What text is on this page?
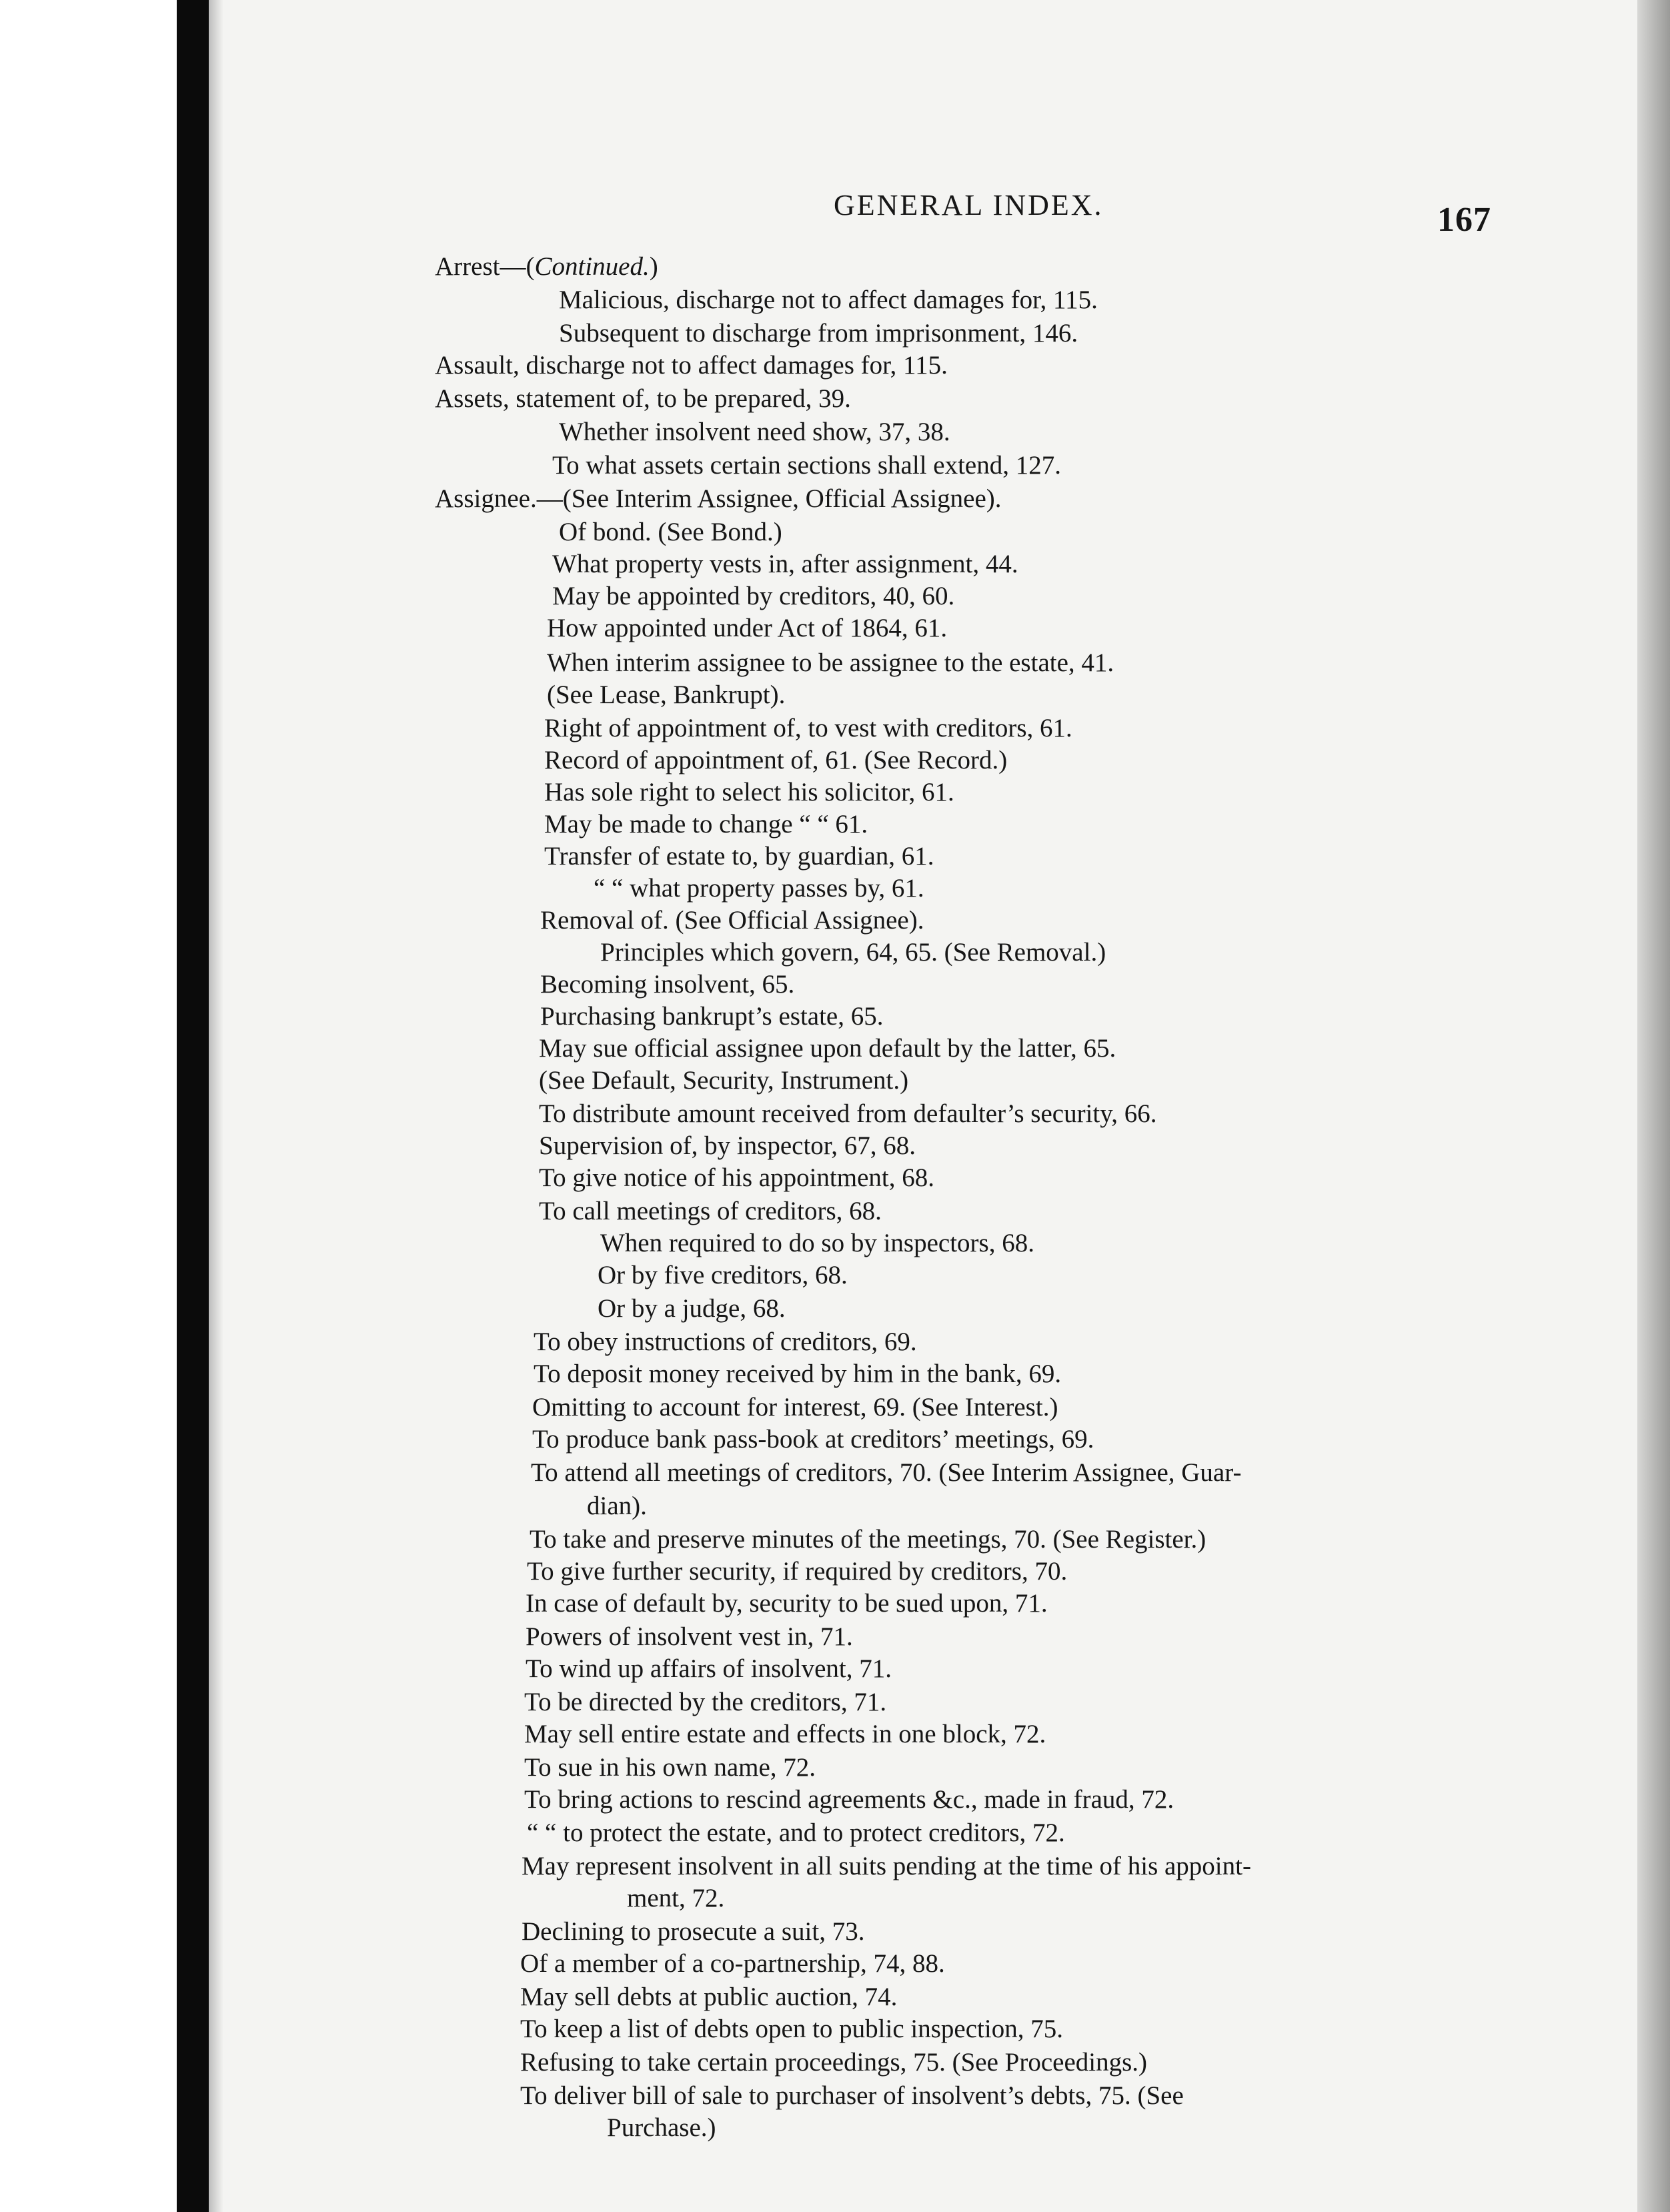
GENERAL INDEX.	167
Arrest—(Continued.)
Malicious, discharge not to affect damages for, 115.
Subsequent to discharge from imprisonment, 146.
Assault, discharge not to affect damages for, 115.
Assets, statement of, to be prepared, 39.
Whether insolvent need show, 37, 38.
To what assets certain sections shall extend, 127.
Assignee.—(See Interim Assignee, Official Assignee).
Of bond. (See Bond.)
What property vests in, after assignment, 44.
May be appointed by creditors, 40, 60.
How appointed under Act of 1864, 61.
When interim assignee to be assignee to the estate, 41.
(See Lease, Bankrupt).
Right of appointment of, to vest with creditors, 61.
Record of appointment of, 61. (See Record.)
Has sole right to select his solicitor, 61.
May be made to change “ “ 61.
Transfer of estate to, by guardian, 61.
“ “ what property passes by, 61.
Removal of. (See Official Assignee).
Principles which govern, 64, 65. (See Removal.)
Becoming insolvent, 65.
Purchasing bankrupt’s estate, 65.
May sue official assignee upon default by the latter, 65.
(See Default, Security, Instrument.)
To distribute amount received from defaulter’s security, 66.
Supervision of, by inspector, 67, 68.
To give notice of his appointment, 68.
To call meetings of creditors, 68.
When required to do so by inspectors, 68.
Or by five creditors, 68.
Or by a judge, 68.
To obey instructions of creditors, 69.
To deposit money received by him in the bank, 69.
Omitting to account for interest, 69. (See Interest.)
To produce bank pass-book at creditors’ meetings, 69.
To attend all meetings of creditors, 70. (See Interim Assignee, Guar-
dian).
To take and preserve minutes of the meetings, 70. (See Register.)
To give further security, if required by creditors, 70.
In case of default by, security to be sued upon, 71.
Powers of insolvent vest in, 71.
To wind up affairs of insolvent, 71.
To be directed by the creditors, 71.
May sell entire estate and effects in one block, 72.
To sue in his own name, 72.
To bring actions to rescind agreements &c., made in fraud, 72.
“ “ to protect the estate, and to protect creditors, 72.
May represent insolvent in all suits pending at the time of his appoint-
ment, 72.
Declining to prosecute a suit, 73.
Of a member of a co-partnership, 74, 88.
May sell debts at public auction, 74.
To keep a list of debts open to public inspection, 75.
Refusing to take certain proceedings, 75. (See Proceedings.)
To deliver bill of sale to purchaser of insolvent’s debts, 75. (See
Purchase.)
